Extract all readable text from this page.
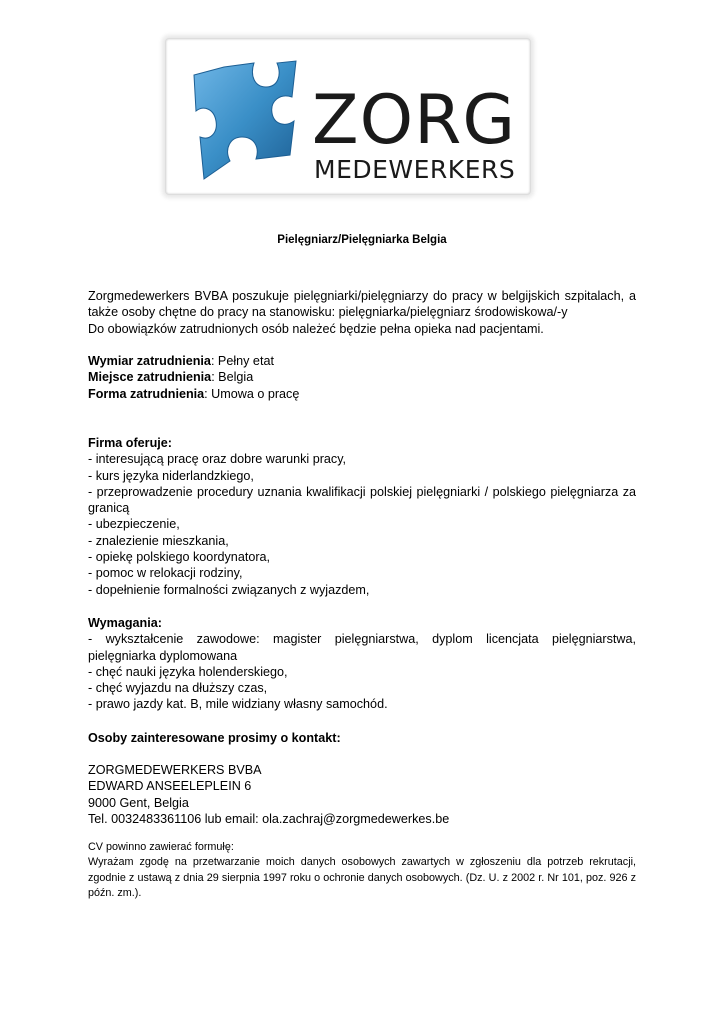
ZORG
MEDEWERKERS
Pielęgniarz/Pielęgniarka Belgia
Zorgmedewerkers BVBA poszukuje pielęgniarki/pielęgniarzy do pracy w belgijskich szpitalach, a także osoby chętne do pracy na stanowisku: pielęgniarka/pielęgniarz środowiskowa/-y
Do obowiązków zatrudnionych osób należeć będzie pełna opieka nad pacjentami.
Wymiar zatrudnienia: Pełny etat
Miejsce zatrudnienia: Belgia
Forma zatrudnienia: Umowa o pracę
Firma oferuje:
- interesującą pracę oraz dobre warunki pracy,
- kurs języka niderlandzkiego,
- przeprowadzenie procedury uznania kwalifikacji polskiej pielęgniarki / polskiego pielęgniarza za granicą
- ubezpieczenie,
- znalezienie mieszkania,
- opiekę polskiego koordynatora,
- pomoc w relokacji rodziny,
- dopełnienie formalności związanych z wyjazdem,
Wymagania:
- wykształcenie zawodowe: magister pielęgniarstwa, dyplom licencjata pielęgniarstwa, pielęgniarka dyplomowana
- chęć nauki języka holenderskiego,
- chęć wyjazdu na dłuższy czas,
- prawo jazdy kat. B, mile widziany własny samochód.
Osoby zainteresowane prosimy o kontakt:
ZORGMEDEWERKERS BVBA
EDWARD ANSEELEPLEIN 6
9000 Gent, Belgia
Tel. 0032483361106 lub email: ola.zachraj@zorgmedewerkes.be
CV powinno zawierać formułę:
Wyrażam zgodę na przetwarzanie moich danych osobowych zawartych w zgłoszeniu dla potrzeb rekrutacji, zgodnie z ustawą z dnia 29 sierpnia 1997 roku o ochronie danych osobowych. (Dz. U. z 2002 r. Nr 101, poz. 926 z późn. zm.).
